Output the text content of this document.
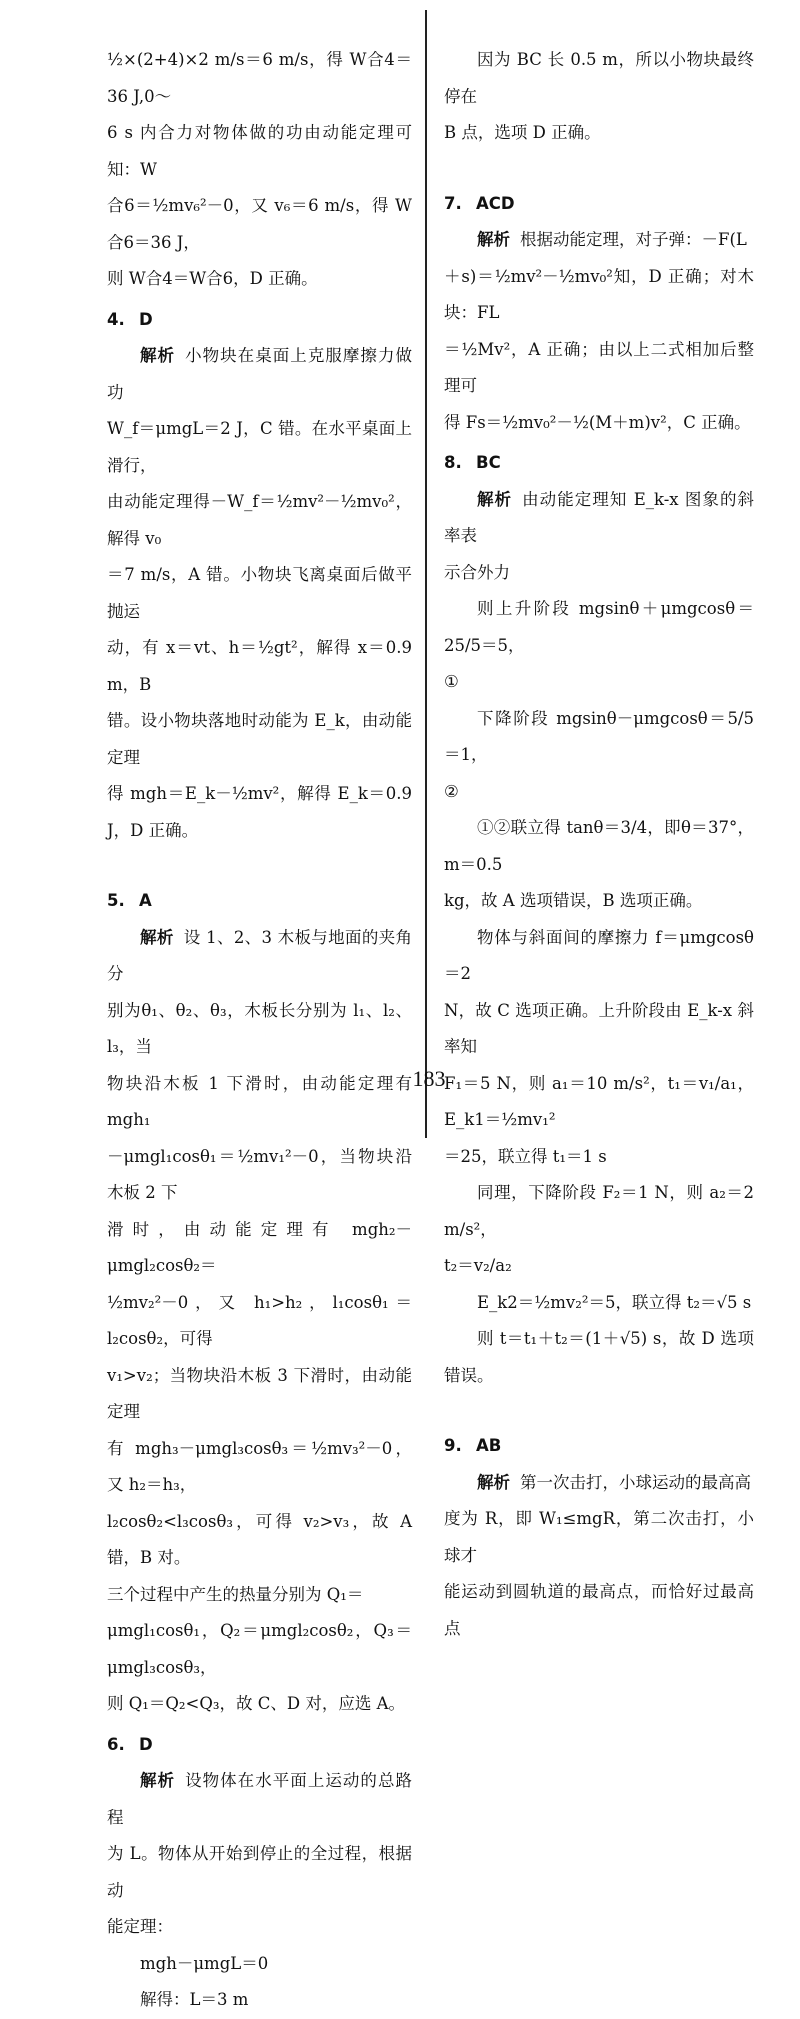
½×(2+4)×2 m/s＝6 m/s，得 W合4＝36 J,0～

6 s 内合力对物体做的功由动能定理可知：W

合6＝½mv₆²－0，又 v₆＝6 m/s，得 W合6＝36 J，

则 W合4＝W合6，D 正确。

4. D

解析 小物块在桌面上克服摩擦力做功

W_f＝μmgL＝2 J，C 错。在水平桌面上滑行，

由动能定理得－W_f＝½mv²－½mv₀²，解得 v₀

＝7 m/s，A 错。小物块飞离桌面后做平抛运

动，有 x＝vt、h＝½gt²，解得 x＝0.9 m，B

错。设小物块落地时动能为 E_k，由动能定理

得 mgh＝E_k－½mv²，解得 E_k＝0.9 J，D 正确。

5. A

解析 设 1、2、3 木板与地面的夹角分

别为θ₁、θ₂、θ₃，木板长分别为 l₁、l₂、l₃，当

物块沿木板 1 下滑时，由动能定理有 mgh₁

－μmgl₁cosθ₁＝½mv₁²－0，当物块沿木板 2 下

滑时，由动能定理有 mgh₂－μmgl₂cosθ₂＝

½mv₂²－0，又 h₁>h₂，l₁cosθ₁＝l₂cosθ₂，可得

v₁>v₂；当物块沿木板 3 下滑时，由动能定理

有 mgh₃－μmgl₃cosθ₃＝½mv₃²－0，又 h₂＝h₃，

l₂cosθ₂<l₃cosθ₃，可得 v₂>v₃，故 A 错，B 对。

三个过程中产生的热量分别为 Q₁＝

μmgl₁cosθ₁，Q₂＝μmgl₂cosθ₂，Q₃＝μmgl₃cosθ₃，

则 Q₁＝Q₂<Q₃，故 C、D 对，应选 A。

6. D

解析 设物体在水平面上运动的总路程

为 L。物体从开始到停止的全过程，根据动

能定理：

mgh－μmgL＝0

解得：L＝3 m

因为 BC 长 0.5 m，所以小物块最终停在

B 点，选项 D 正确。

7. ACD

解析 根据动能定理，对子弹：－F(L

＋s)＝½mv²－½mv₀²知，D 正确；对木块：FL

＝½Mv²，A 正确；由以上二式相加后整理可

得 Fs＝½mv₀²－½(M＋m)v²，C 正确。

8. BC

解析 由动能定理知 E_k-x 图象的斜率表

示合外力

则上升阶段 mgsinθ＋μmgcosθ＝25/5＝5，

①

下降阶段 mgsinθ－μmgcosθ＝5/5＝1，

②

①②联立得 tanθ＝3/4，即θ＝37°，m＝0.5

kg，故 A 选项错误，B 选项正确。

物体与斜面间的摩擦力 f＝μmgcosθ＝2

N，故 C 选项正确。上升阶段由 E_k-x 斜率知

F₁＝5 N，则 a₁＝10 m/s²，t₁＝v₁/a₁，E_k1＝½mv₁²

＝25，联立得 t₁＝1 s

同理，下降阶段 F₂＝1 N，则 a₂＝2 m/s²，

t₂＝v₂/a₂

E_k2＝½mv₂²＝5，联立得 t₂＝√5 s

则 t＝t₁＋t₂＝(1＋√5) s，故 D 选项错误。

9. AB

解析 第一次击打，小球运动的最高高

度为 R，即 W₁≤mgR，第二次击打，小球才

能运动到圆轨道的最高点，而恰好过最高点

183
